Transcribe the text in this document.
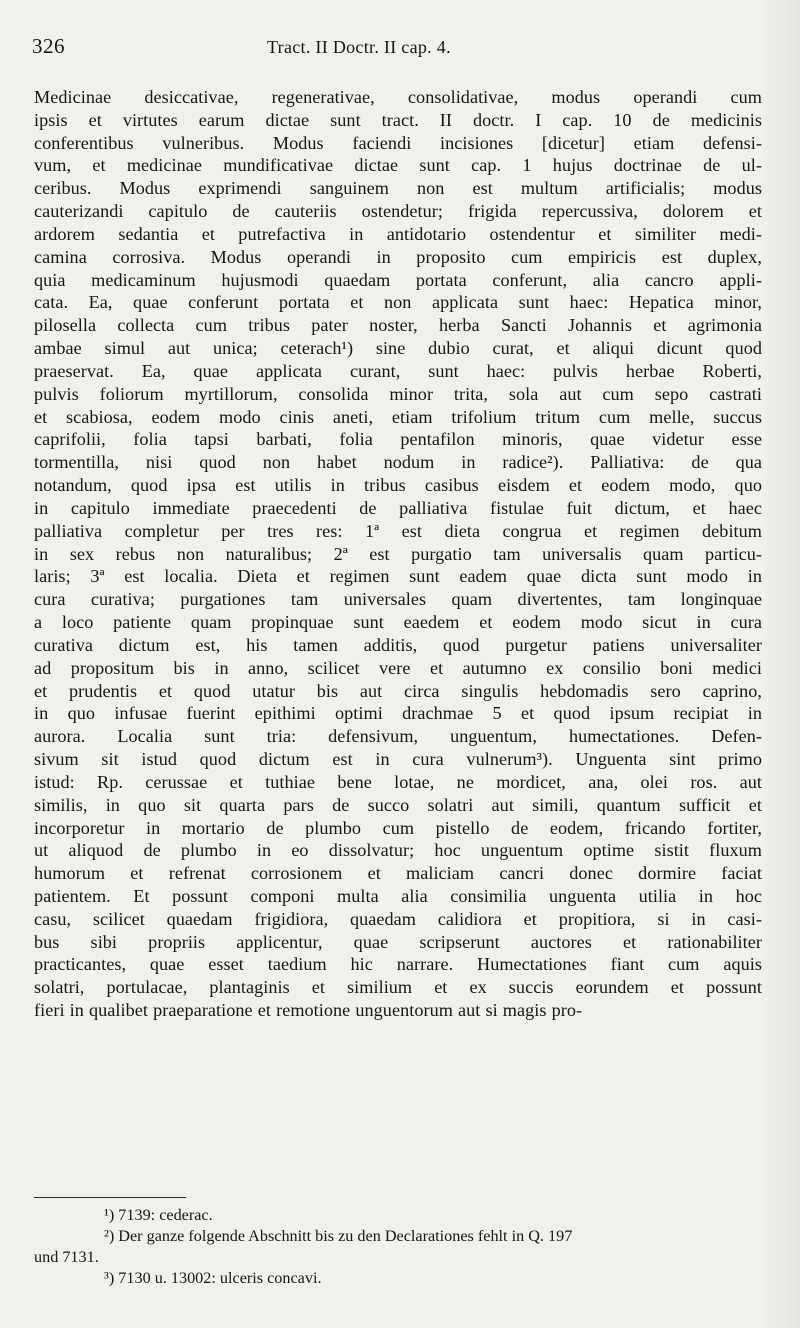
326	Tract. II Doctr. II cap. 4.
Medicinae desiccativae, regenerativae, consolidativae, modus operandi cum
ipsis et virtutes earum dictae sunt tract. II doctr. I cap. 10 de medicinis
conferentibus vulneribus. Modus faciendi incisiones [dicetur] etiam defensi-
vum, et medicinae mundificativae dictae sunt cap. 1 hujus doctrinae de ul-
ceribus. Modus exprimendi sanguinem non est multum artificialis; modus
cauterizandi capitulo de cauteriis ostendetur; frigida repercussiva, dolorem et
ardorem sedantia et putrefactiva in antidotario ostendentur et similiter medi-
camina corrosiva. Modus operandi in proposito cum empiricis est duplex,
quia medicaminum hujusmodi quaedam portata conferunt, alia cancro appli-
cata. Ea, quae conferunt portata et non applicata sunt haec: Hepatica minor,
pilosella collecta cum tribus pater noster, herba Sancti Johannis et agrimonia
ambae simul aut unica; ceterach¹) sine dubio curat, et aliqui dicunt quod
praeservat. Ea, quae applicata curant, sunt haec: pulvis herbae Roberti,
pulvis foliorum myrtillorum, consolida minor trita, sola aut cum sepo castrati
et scabiosa, eodem modo cinis aneti, etiam trifolium tritum cum melle, succus
caprifolii, folia tapsi barbati, folia pentafilon minoris, quae videtur esse
tormentilla, nisi quod non habet nodum in radice²). Palliativa: de qua
notandum, quod ipsa est utilis in tribus casibus eisdem et eodem modo, quo
in capitulo immediate praecedenti de palliativa fistulae fuit dictum, et haec
palliativa completur per tres res: 1ª est dieta congrua et regimen debitum
in sex rebus non naturalibus; 2ª est purgatio tam universalis quam particu-
laris; 3ª est localia. Dieta et regimen sunt eadem quae dicta sunt modo in
cura curativa; purgationes tam universales quam divertentes, tam longinquae
a loco patiente quam propinquae sunt eaedem et eodem modo sicut in cura
curativa dictum est, his tamen additis, quod purgetur patiens universaliter
ad propositum bis in anno, scilicet vere et autumno ex consilio boni medici
et prudentis et quod utatur bis aut circa singulis hebdomadis sero caprino,
in quo infusae fuerint epithimi optimi drachmae 5 et quod ipsum recipiat in
aurora. Localia sunt tria: defensivum, unguentum, humectationes. Defen-
sivum sit istud quod dictum est in cura vulnerum³). Unguenta sint primo
istud: Rp. cerussae et tuthiae bene lotae, ne mordicet, ana, olei ros. aut
similis, in quo sit quarta pars de succo solatri aut simili, quantum sufficit et
incorporetur in mortario de plumbo cum pistello de eodem, fricando fortiter,
ut aliquod de plumbo in eo dissolvatur; hoc unguentum optime sistit fluxum
humorum et refrenat corrosionem et maliciam cancri donec dormire faciat
patientem. Et possunt componi multa alia consimilia unguenta utilia in hoc
casu, scilicet quaedam frigidiora, quaedam calidiora et propitiora, si in casi-
bus sibi propriis applicentur, quae scripserunt auctores et rationabiliter
practicantes, quae esset taedium hic narrare. Humectationes fiant cum aquis
solatri, portulacae, plantaginis et similium et ex succis eorundem et possunt
fieri in qualibet praeparatione et remotione unguentorum aut si magis pro-
¹) 7139: cederac.
²) Der ganze folgende Abschnitt bis zu den Declarationes fehlt in Q. 197
und 7131.
³) 7130 u. 13002: ulceris concavi.
